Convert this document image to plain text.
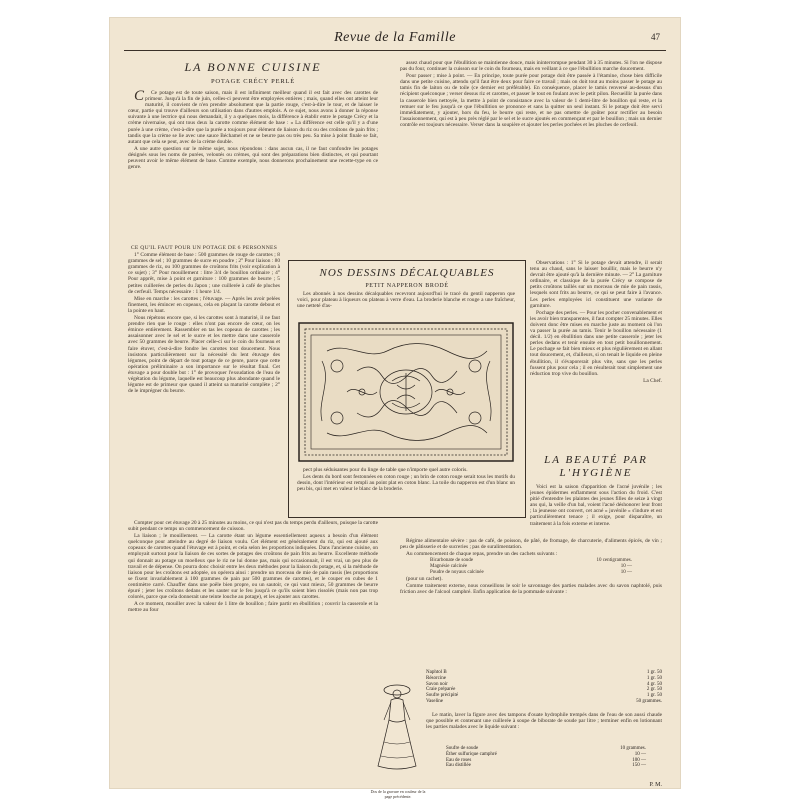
Revue de la Famille	47
LA BONNE CUISINE
POTAGE CRÉCY PERLÉ

C Ce potage est de toute saison, mais il est infiniment meilleur quand il est fait avec des carottes de primeur. Jusqu'à la fin de juin, celles-ci peuvent être employées entières ; mais, quand elles ont atteint leur maturité, il convient de n'en prendre absolument que la partie rouge, c'est-à-dire le tour, et de laisser le cœur, partie qui trouve d'ailleurs son utilisation dans d'autres emplois. A ce sujet, nous avons à donner la réponse suivante à une lectrice qui nous demandait, il y a quelques mois, la différence à établir entre le potage Crécy et la crème nivernaise, qui ont tous deux la carotte comme élément de base : « La différence est celle qu'il y a d'une purée à une crème, c'est-à-dire que la purée a toujours pour élément de liaison du riz ou des croûtons de pain frits ; tandis que la crème se lie avec une sauce Béchamel et ne se beurre pas ou très peu. Sa mise à point finale se fait, autant que cela se peut, avec de la crème double.

A une autre question sur le même sujet, nous répondons : dans aucun cas, il ne faut confondre les potages désignés sous les noms de purées, veloutés ou crèmes, qui sont des préparations bien distinctes, et qui pourtant peuvent avoir le même élément de base. Comme exemple, nous donnerons prochainement une recette-type en ce genre.

CE QU'IL FAUT POUR UN POTAGE DE 6 PERSONNES

1° Comme élément de base : 500 grammes de rouge de carottes ; 8 grammes de sel ; 10 grammes de sucre en poudre ; 2° Pour liaison : 80 grammes de riz, ou 100 grammes de croûtons frits (voir explication à ce sujet) ; 3° Pour mouillement : litre 3/4 de bouillon ordinaire ; 4° Pour apprêt, mise à point et garniture : 100 grammes de beurre ; 5 petites cuillerées de perles du Japon ; une cuillerée à café de pluches de cerfeuil. Temps nécessaire : 1 heure 1/4.

Mise en marche : les carottes ; l'étuvage. — Après les avoir pelées finement, les émincer en copeaux, cela en plaçant la carotte debout et la pointe en haut.

Nous répétons encore que, si les carottes sont à maturité, il ne faut prendre rien que le rouge : elles n'ont pas encore de cœur, on les émince entièrement. Rassembler en tas les copeaux de carottes ; les assaisonner avec le sel et le sucre et les mettre dans une casserole avec 50 grammes de beurre. Placer celle-ci sur le coin du fourneau et faire étuver, c'est-à-dire fondre les carottes tout doucement. Nous insistons particulièrement sur la nécessité du lent étuvage des légumes, point de départ de tout potage de ce genre, parce que cette opération préliminaire a son importance sur le résultat final. Cet étuvage a pour double but : 1° de provoquer l'exsudation de l'eau de végétation du légume, laquelle est beaucoup plus abondante quand le légume est de primeur que quand il atteint sa maturité complète ; 2° de le imprégner du beurre.

Compter pour cet étuvage 20 à 25 minutes au moins, ce qui n'est pas du temps perdu d'ailleurs, puisque la carotte subit pendant ce temps un commencement de cuisson.

La liaison ; le mouillement. — La carotte étant un légume essentiellement aqueux a besoin d'un élément quelconque pour atteindre au degré de liaison voulu. Cet élément est généralement du riz, qui est ajouté aux copeaux de carottes quand l'étuvage est à point, et cela selon les proportions indiquées. Dans l'ancienne cuisine, on employait surtout pour la liaison de ces sortes de potages des croûtons de pain frits au beurre. Excellente méthode qui donnait au potage un moelleux que le riz ne lui donne pas, mais qui occasionnait, il est vrai, un peu plus de travail et de dépense. On pourra donc choisir entre les deux méthodes pour la liaison du potage, et, si la méthode de liaison pour les croûtons est adoptée, on opérera ainsi : prendre un morceau de mie de pain rassis (les proportions se fixent invariablement à 100 grammes de pain par 500 grammes de carottes), et le couper en cubes de 1 centimètre carré. Chauffer dans une poêle bien propre, ou un sautoir, ce qui vaut mieux, 50 grammes de beurre épuré ; jeter les croûtons dedans et les sauter sur le feu jusqu'à ce qu'ils soient bien rissolés (mais non pas trop colorés, parce que cela donnerait une teinte louche au potage), et les ajouter aux carottes.

A ce moment, mouiller avec la valeur de 1 litre de bouillon ; faire partir en ébullition ; couvrir la casserole et la mettre au four

assez chaud pour que l'ébullition se maintienne douce, mais ininterrompue pendant 30 à 35 minutes. Si l'on ne dispose pas du four, continuer la cuisson sur le coin du fourneau, mais en veillant à ce que l'ébullition marche doucement.

Pour passer ; mise à point. — En principe, toute purée pour potage doit être passée à l'étamine, chose bien difficile dans une petite cuisine, attendu qu'il faut être deux pour faire ce travail ; mais on doit tout au moins passer le potage au tamis fin de laiton ou de toile (ce dernier est préférable). En conséquence, placer le tamis renversé au-dessus d'un récipient quelconque ; verser dessus riz et carottes, et passer le tout en foulant avec le petit pilon. Recueillir la purée dans la casserole bien nettoyée, la mettre à point de consistance avec la valeur de 1 demi-litre de bouillon qui reste, et la remuer sur le feu jusqu'à ce que l'ébullition se prononce et sans la quitter un seul instant. Si le potage doit être servi immédiatement, y ajouter, hors du feu, le beurre qui reste, et ne pas omettre de goûter pour rectifier au besoin l'assaisonnement, qui est à peu près réglé par le sel et le sucre ajoutés en commençant et par le bouillon ; mais un dernier contrôle est toujours nécessaire. Verser dans la soupière et ajouter les perles pochées et les pluches de cerfeuil.

Observations : 1° Si le potage devait attendre, il serait tenu au chaud, sans le laisser bouillir, mais le beurre n'y devrait être ajouté qu'à la dernière minute. — 2° La garniture ordinaire, et classique de la purée Crécy se compose de petits croûtons taillés sur un morceau de mie de pain rassis, lesquels sont frits au beurre, ce qui se peut faire à l'avance. Les perles employées ici constituent une variante de garniture.

Pochage des perles. — Pour les pocher convenablement et les avoir bien transparentes, il faut compter 25 minutes. Elles doivent donc être mises en marche juste au moment où l'on va passer la purée au tamis. Tenir le bouillon nécessaire (1 décil. 1/2) en ébullition dans une petite casserole ; jeter les perles dedans et tenir ensuite en tout petit bouillonnement. Le pochage se fait bien mieux et plus régulièrement en allant tout doucement, et, d'ailleurs, si on tenait le liquide en pleine ébullition, il s'évaporerait plus vite, sans que les perles fussent plus pour cela ; il en résulterait tout simplement une réduction trop vive du bouillon.

La Chef.

NOS DESSINS DÉCALQUABLES
PETIT NAPPERON BRODÉ

Les abonnés à nos dessins décalquables recevront aujourd'hui le tracé du gentil napperon que voici, pour plateau à liqueurs ou plateau à verre d'eau. La broderie blanche et rouge a une fraîcheur, une netteté d'as-

pect plus séduisantes pour du linge de table que n'importe quel autre coloris.

Les dents du bord sont festonnées en coton rouge ; un brin de coton rouge serait tous les motifs du dessin, dont l'intérieur est rempli au point plat en coton blanc. La toile du napperon est d'un blanc un peu bis, qui met en valeur le blanc de la broderie.

LA BEAUTÉ PAR L'HYGIÈNE

Voici est la saison d'apparition de l'acné juvénile ; les jeunes épidermes enflamment sous l'action du froid. C'est pitié d'entendre les plaintes des jeunes filles de seize à vingt ans qui, la veille d'un bal, voient l'acné déshonorer leur front ; la jeunesse ont couvert, cet acné « juvénile » s'indure et est particulièrement tenace ; il exige, pour disparaître, un traitement à la fois externe et interne.

Régime alimentaire sévère : pas de café, de poisson, de pâté, de fromage, de charcuterie, d'aliments épicés, de vin ; peu de pâtisserie et de sucreries ; pas de suralimentation.

Au commencement de chaque repas, prendre un des cachets suivants :

Bicarbonate de soude	10 centigrammes.
Magnésie calcinée	10 —
Poudre de noyaux calcinée	10 —

(pour un cachet).

Comme traitement externe, nous conseillons le soir le savonnage des parties malades avec du savon naphtolé, puis friction avec de l'alcool camphré. Enfin application de la pommade suivante :

Dos de la gravure en couleur de la page précédente.

Naphtol B	1 gr. 50
Résorcine	1 gr. 50
Savon noir	4 gr. 50
Craie préparée	2 gr. 50
Soufre précipité	1 gr. 50
Vaseline	50 grammes.

Le matin, laver la figure avec des tampons d'ouate hydrophile trempés dans de l'eau de son aussi chaude que possible et contenant une cuillerée à soupe de biborate de soude par litre ; terminer enfin en lotionnant les parties malades avec le liquide suivant :

Soufre de soude	10 grammes.
Éther sulfurique camphré	10 —
Eau de roses	100 —
Eau distillée	150 —
P. M.
